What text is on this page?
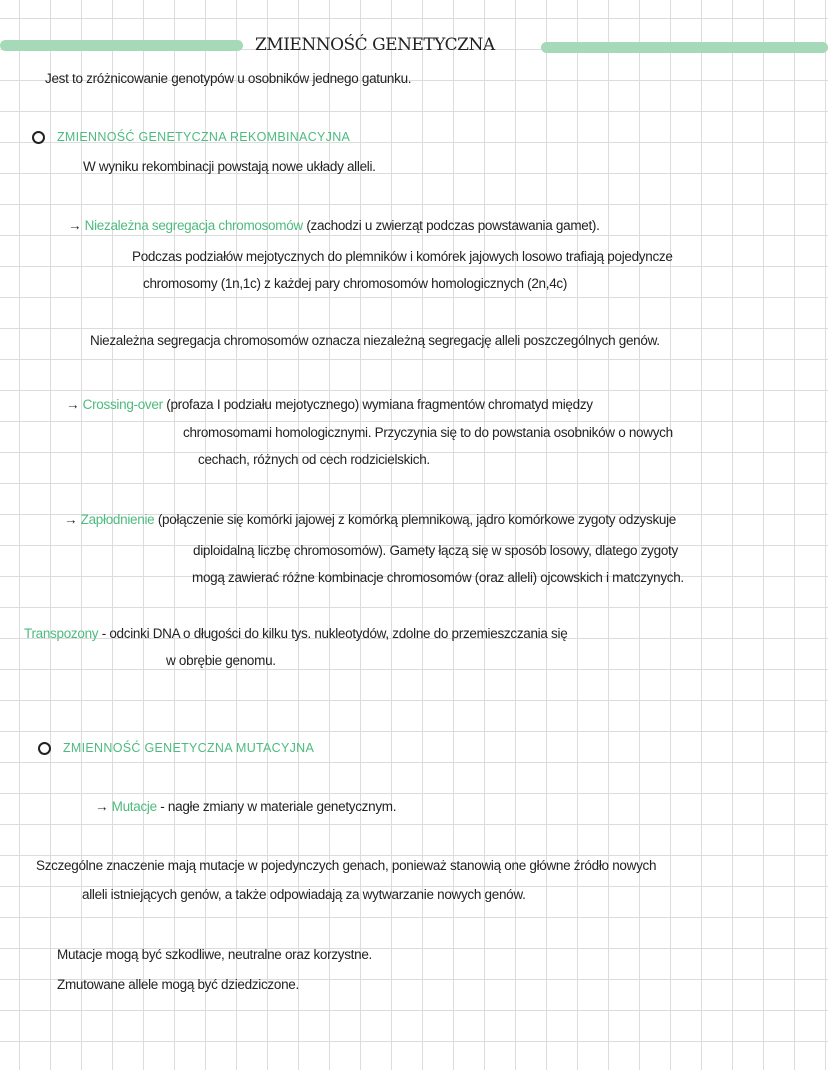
ZMIENNOŚĆ GENETYCZNA
Jest to zróżnicowanie genotypów u osobników jednego gatunku.
ZMIENNOŚĆ GENETYCZNA REKOMBINACYJNA
W wyniku rekombinacji powstają nowe układy alleli.
→ Niezależna segregacja chromosomów (zachodzi u zwierząt podczas powstawania gamet).
Podczas podziałów mejotycznych do plemników i komórek jajowych losowo trafiają pojedyncze
chromosomy (1n,1c) z każdej pary chromosomów homologicznych (2n,4c)
Niezależna segregacja chromosomów oznacza niezależną segregację alleli poszczególnych genów.
→ Crossing-over (profaza I podziału mejotycznego) wymiana fragmentów chromatyd między
chromosomami homologicznymi. Przyczynia się to do powstania osobników o nowych
cechach, różnych od cech rodzicielskich.
→ Zapłodnienie (połączenie się komórki jajowej z komórką plemnikową, jądro komórkowe zygoty odzyskuje
diploidalną liczbę chromosomów). Gamety łączą się w sposób losowy, dlatego zygoty
mogą zawierać różne kombinacje chromosomów (oraz alleli) ojcowskich i matczynych.
Transpozony - odcinki DNA o długości do kilku tys. nukleotydów, zdolne do przemieszczania się
w obrębie genomu.
ZMIENNOŚĆ GENETYCZNA MUTACYJNA
→ Mutacje - nagłe zmiany w materiale genetycznym.
Szczególne znaczenie mają mutacje w pojedynczych genach, ponieważ stanowią one główne źródło nowych
alleli istniejących genów, a także odpowiadają za wytwarzanie nowych genów.
Mutacje mogą być szkodliwe, neutralne oraz korzystne.
Zmutowane allele mogą być dziedziczone.
